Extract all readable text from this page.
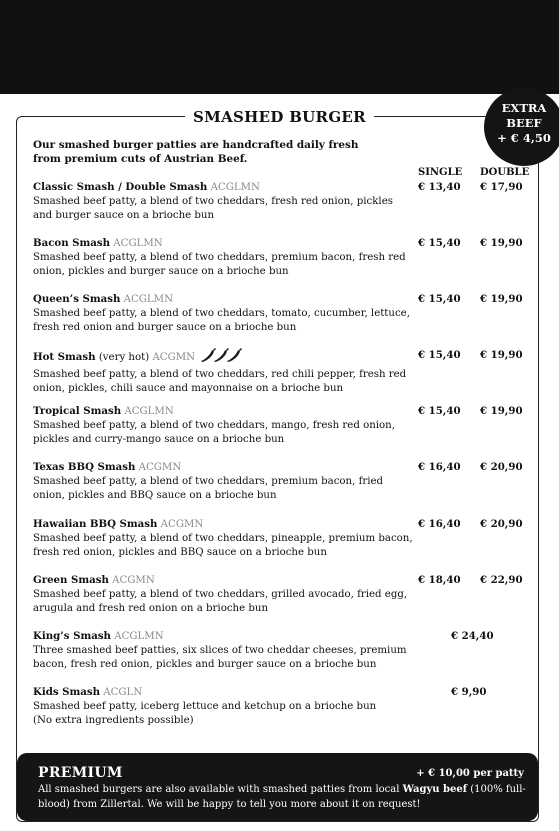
SMASHED BURGER	EXTRA
BEEF
+ € 4,50
Our smashed burger patties are handcrafted daily fresh from premium cuts of Austrian Beef.
SINGLE DOUBLE
Classic Smash / Double Smash ACGLMN
Smashed beef patty, a blend of two cheddars, fresh red onion, pickles and burger sauce on a brioche bun
€ 13,40 € 17,90
Bacon Smash ACGLMN
Smashed beef patty, a blend of two cheddars, premium bacon, fresh red onion, pickles and burger sauce on a brioche bun
€ 15,40 € 19,90
Queen’s Smash ACGLMN
Smashed beef patty, a blend of two cheddars, tomato, cucumber, lettuce, fresh red onion and burger sauce on a brioche bun
€ 15,40 € 19,90
Hot Smash (very hot) ACGMN
Smashed beef patty, a blend of two cheddars, red chili pepper, fresh red onion, pickles, chili sauce and mayonnaise on a brioche bun
€ 15,40 € 19,90
Tropical Smash ACGLMN
Smashed beef patty, a blend of two cheddars, mango, fresh red onion, pickles and curry-mango sauce on a brioche bun
€ 15,40 € 19,90
Texas BBQ Smash ACGMN
Smashed beef patty, a blend of two cheddars, premium bacon, fried onion, pickles and BBQ sauce on a brioche bun
€ 16,40 € 20,90
Hawaiian BBQ Smash ACGMN
Smashed beef patty, a blend of two cheddars, pineapple, premium bacon, fresh red onion, pickles and BBQ sauce on a brioche bun
€ 16,40 € 20,90
Green Smash ACGMN
Smashed beef patty, a blend of two cheddars, grilled avocado, fried egg, arugula and fresh red onion on a brioche bun
€ 18,40 € 22,90
King’s Smash ACGLMN
Three smashed beef patties, six slices of two cheddar cheeses, premium bacon, fresh red onion, pickles and burger sauce on a brioche bun
€ 24,40
Kids Smash ACGLN
Smashed beef patty, iceberg lettuce and ketchup on a brioche bun
(No extra ingredients possible)
€ 9,90
PREMIUM	+ € 10,00 per patty
All smashed burgers are also available with smashed patties from local Wagyu beef (100% full-blood) from Zillertal. We will be happy to tell you more about it on request!
